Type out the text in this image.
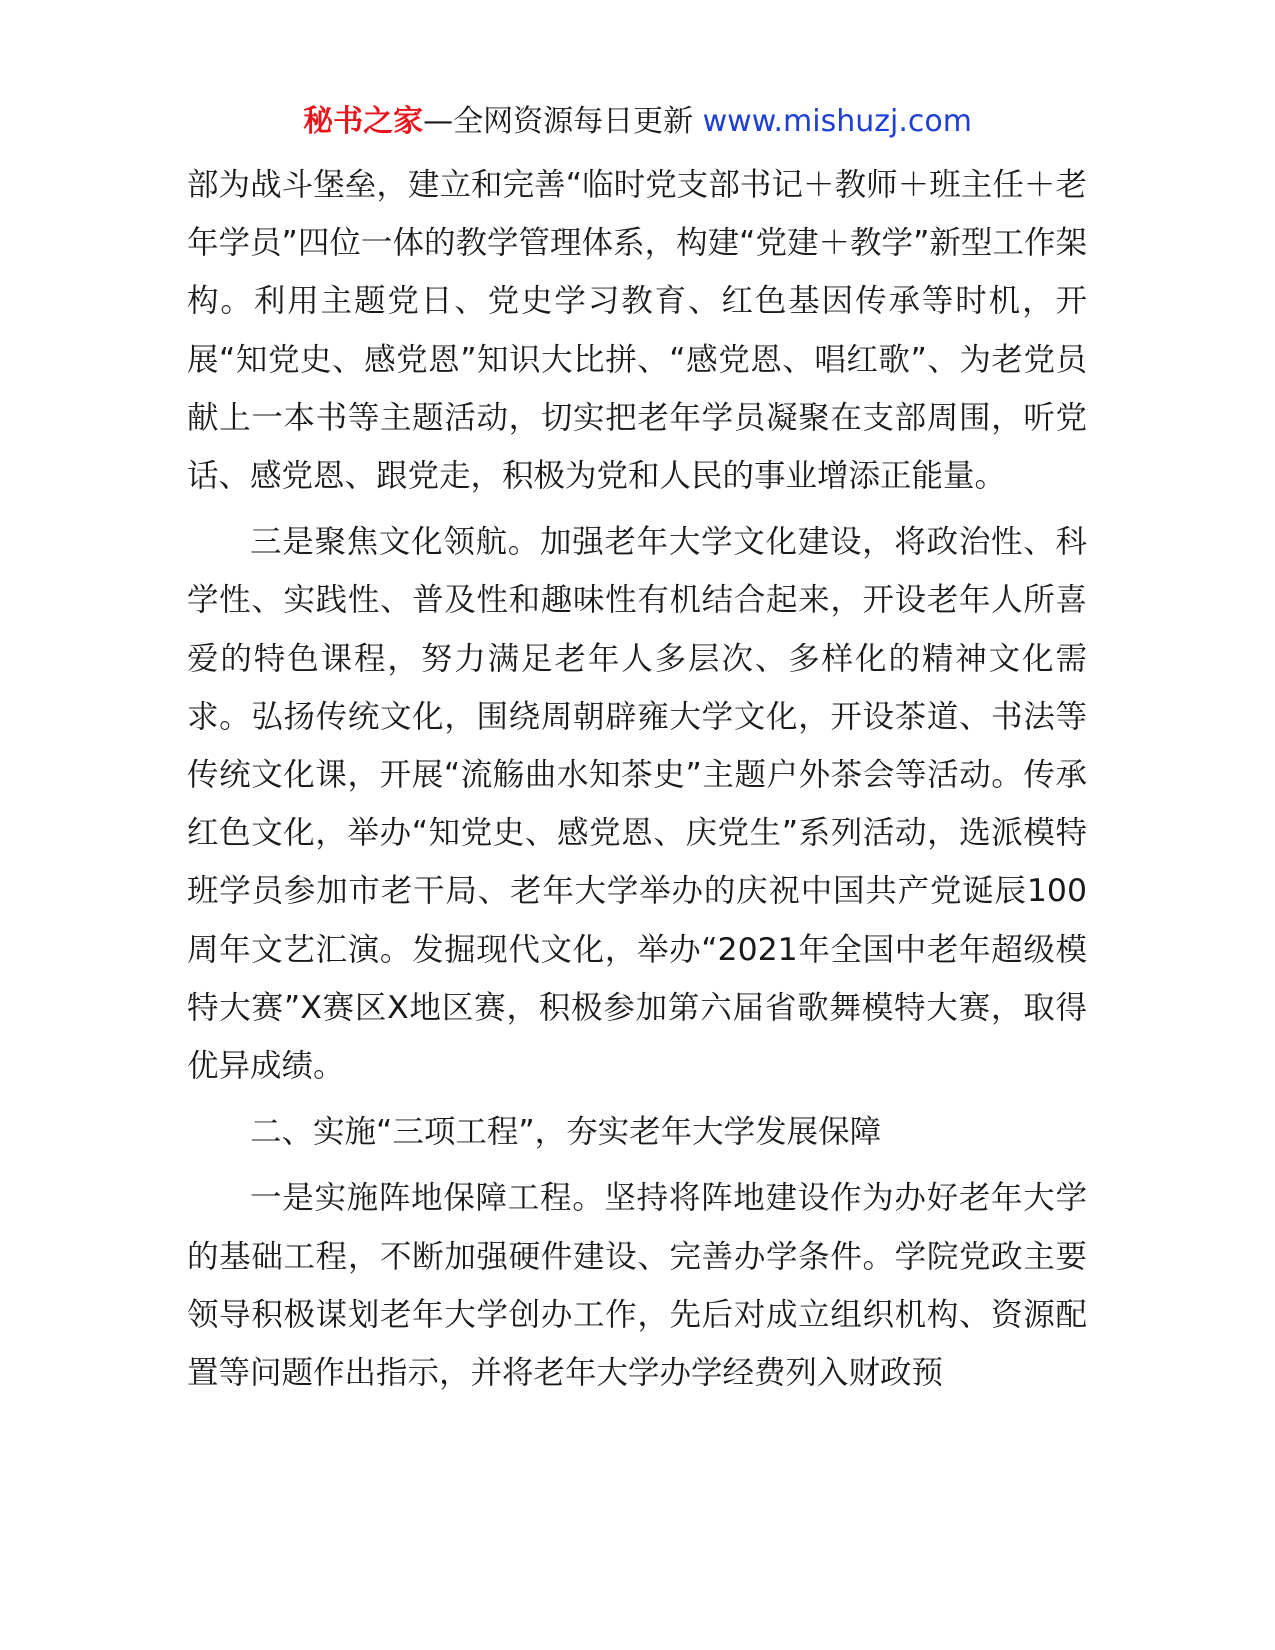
秘书之家—全网资源每日更新 www.mishuzj.com

部为战斗堡垒，建立和完善“临时党支部书记＋教师＋班主任＋老年学员”四位一体的教学管理体系，构建“党建＋教学”新型工作架构。利用主题党日、党史学习教育、红色基因传承等时机，开展“知党史、感党恩”知识大比拼、“感党恩、唱红歌”、为老党员献上一本书等主题活动，切实把老年学员凝聚在支部周围，听党话、感党恩、跟党走，积极为党和人民的事业增添正能量。

三是聚焦文化领航。加强老年大学文化建设，将政治性、科学性、实践性、普及性和趣味性有机结合起来，开设老年人所喜爱的特色课程，努力满足老年人多层次、多样化的精神文化需求。弘扬传统文化，围绕周朝辟雍大学文化，开设茶道、书法等传统文化课，开展“流觞曲水知茶史”主题户外茶会等活动。传承红色文化，举办“知党史、感党恩、庆党生”系列活动，选派模特班学员参加市老干局、老年大学举办的庆祝中国共产党诞辰100周年文艺汇演。发掘现代文化，举办“2021年全国中老年超级模特大赛”X赛区X地区赛，积极参加第六届省歌舞模特大赛，取得优异成绩。

二、实施“三项工程”，夯实老年大学发展保障

一是实施阵地保障工程。坚持将阵地建设作为办好老年大学的基础工程，不断加强硬件建设、完善办学条件。学院党政主要领导积极谋划老年大学创办工作，先后对成立组织机构、资源配置等问题作出指示，并将老年大学办学经费列入财政预
